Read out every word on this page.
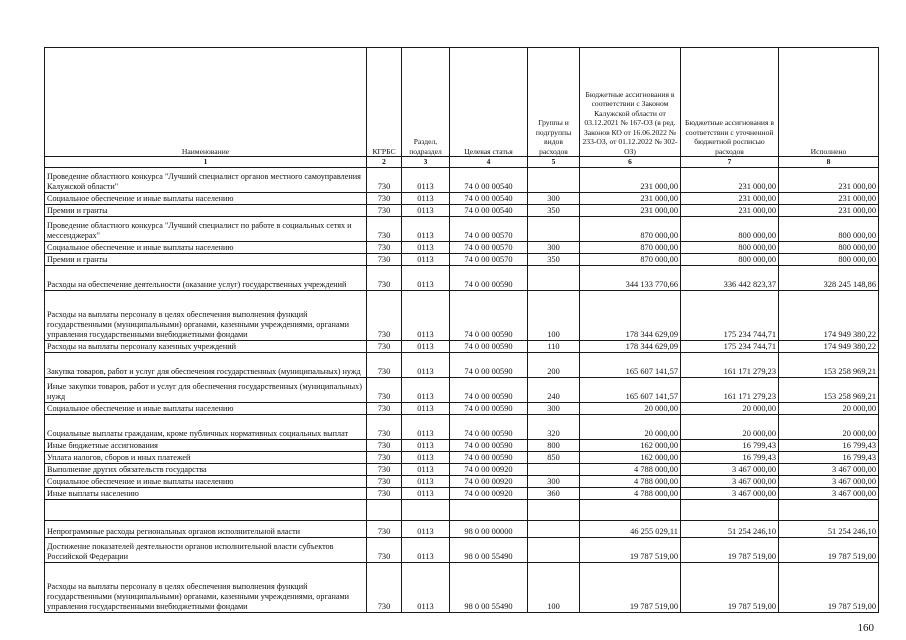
Наименование	КГРБС	Раздел, подраздел	Целевая статья	Группы и подгруппы видов расходов	Бюджетные ассигнования в соответствии с Законом Калужской области от 03.12.2021 № 167-ОЗ (в ред. Законов КО от 16.06.2022 № 233-ОЗ, от 01.12.2022 № 302-ОЗ)	Бюджетные ассигнования в соответствии с уточненной бюджетной росписью расходов	Исполнено
1	2	3	4	5	6	7	8
Проведение областного конкурса "Лучший специалист органов местного самоуправления Калужской области"	730	0113	74 0 00 00540		231 000,00	231 000,00	231 000,00
Социальное обеспечение и иные выплаты населению	730	0113	74 0 00 00540	300	231 000,00	231 000,00	231 000,00
Премии и гранты	730	0113	74 0 00 00540	350	231 000,00	231 000,00	231 000,00
Проведение областного конкурса "Лучший специалист по работе в социальных сетях и мессенджерах"	730	0113	74 0 00 00570		870 000,00	800 000,00	800 000,00
Социальное обеспечение и иные выплаты населению	730	0113	74 0 00 00570	300	870 000,00	800 000,00	800 000,00
Премии и гранты	730	0113	74 0 00 00570	350	870 000,00	800 000,00	800 000,00
Расходы на обеспечение деятельности (оказание услуг) государственных учреждений	730	0113	74 0 00 00590		344 133 770,66	336 442 823,37	328 245 148,86
Расходы на выплаты персоналу в целях обеспечения выполнения функций государственными (муниципальными) органами, казенными учреждениями, органами управления государственными внебюджетными фондами	730	0113	74 0 00 00590	100	178 344 629,09	175 234 744,71	174 949 380,22
Расходы на выплаты персоналу казенных учреждений	730	0113	74 0 00 00590	110	178 344 629,09	175 234 744,71	174 949 380,22
Закупка товаров, работ и услуг для обеспечения государственных (муниципальных) нужд	730	0113	74 0 00 00590	200	165 607 141,57	161 171 279,23	153 258 969,21
Иные закупки товаров, работ и услуг для обеспечения государственных (муниципальных) нужд	730	0113	74 0 00 00590	240	165 607 141,57	161 171 279,23	153 258 969,21
Социальное обеспечение и иные выплаты населению	730	0113	74 0 00 00590	300	20 000,00	20 000,00	20 000,00
Социальные выплаты гражданам, кроме публичных нормативных социальных выплат	730	0113	74 0 00 00590	320	20 000,00	20 000,00	20 000,00
Иные бюджетные ассигнования	730	0113	74 0 00 00590	800	162 000,00	16 799,43	16 799,43
Уплата налогов, сборов и иных платежей	730	0113	74 0 00 00590	850	162 000,00	16 799,43	16 799,43
Выполнение других обязательств государства	730	0113	74 0 00 00920		4 788 000,00	3 467 000,00	3 467 000,00
Социальное обеспечение и иные выплаты населению	730	0113	74 0 00 00920	300	4 788 000,00	3 467 000,00	3 467 000,00
Иные выплаты населению	730	0113	74 0 00 00920	360	4 788 000,00	3 467 000,00	3 467 000,00

Непрограммные расходы региональных органов исполнительной власти	730	0113	98 0 00 00000		46 255 029,11	51 254 246,10	51 254 246,10
Достижение показателей деятельности органов исполнительной власти субъектов Российской Федерации	730	0113	98 0 00 55490		19 787 519,00	19 787 519,00	19 787 519,00
Расходы на выплаты персоналу в целях обеспечения выполнения функций государственными (муниципальными) органами, казенными учреждениями, органами управления государственными внебюджетными фондами	730	0113	98 0 00 55490	100	19 787 519,00	19 787 519,00	19 787 519,00
160
